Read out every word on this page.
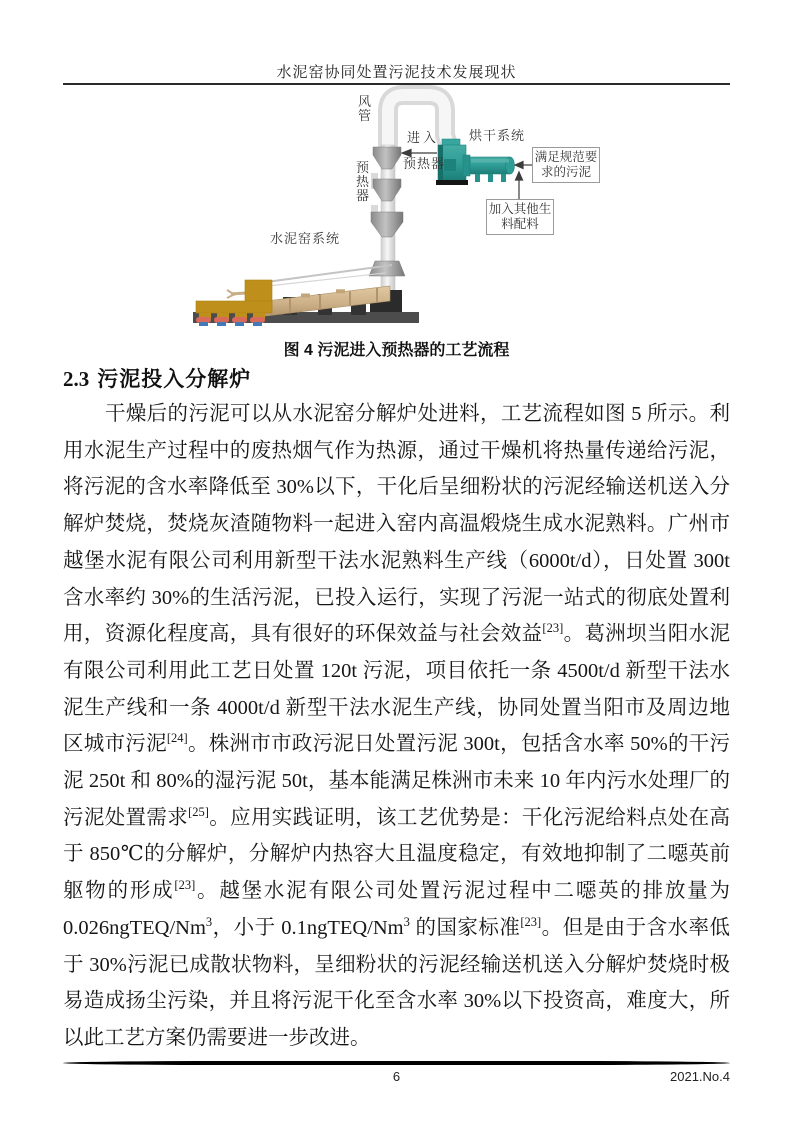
水泥窑协同处置污泥技术发展现状
风管
进入
预热器
预热器
烘干系统
水泥窑系统
满足规范要求的污泥
加入其他生料配料
图 4 污泥进入预热器的工艺流程
2.3 污泥投入分解炉
干燥后的污泥可以从水泥窑分解炉处进料，工艺流程如图 5 所示。利用水泥生产过程中的废热烟气作为热源，通过干燥机将热量传递给污泥，将污泥的含水率降低至 30%以下，干化后呈细粉状的污泥经输送机送入分解炉焚烧，焚烧灰渣随物料一起进入窑内高温煅烧生成水泥熟料。广州市越堡水泥有限公司利用新型干法水泥熟料生产线（6000t/d），日处置 300t 含水率约 30%的生活污泥，已投入运行，实现了污泥一站式的彻底处置利用，资源化程度高，具有很好的环保效益与社会效益[23]。葛洲坝当阳水泥有限公司利用此工艺日处置 120t 污泥，项目依托一条 4500t/d 新型干法水泥生产线和一条 4000t/d 新型干法水泥生产线，协同处置当阳市及周边地区城市污泥[24]。株洲市市政污泥日处置污泥 300t，包括含水率 50%的干污泥 250t 和 80%的湿污泥 50t，基本能满足株洲市未来 10 年内污水处理厂的污泥处置需求[25]。应用实践证明，该工艺优势是：干化污泥给料点处在高于 850℃的分解炉，分解炉内热容大且温度稳定，有效地抑制了二噁英前躯物的形成[23]。越堡水泥有限公司处置污泥过程中二噁英的排放量为 0.026ngTEQ/Nm$^3$，小于 0.1ngTEQ/Nm$^3$ 的国家标准[23]。但是由于含水率低于 30%污泥已成散状物料，呈细粉状的污泥经输送机送入分解炉焚烧时极易造成扬尘污染，并且将污泥干化至含水率 30%以下投资高，难度大，所以此工艺方案仍需要进一步改进。
6	2021.No.4
